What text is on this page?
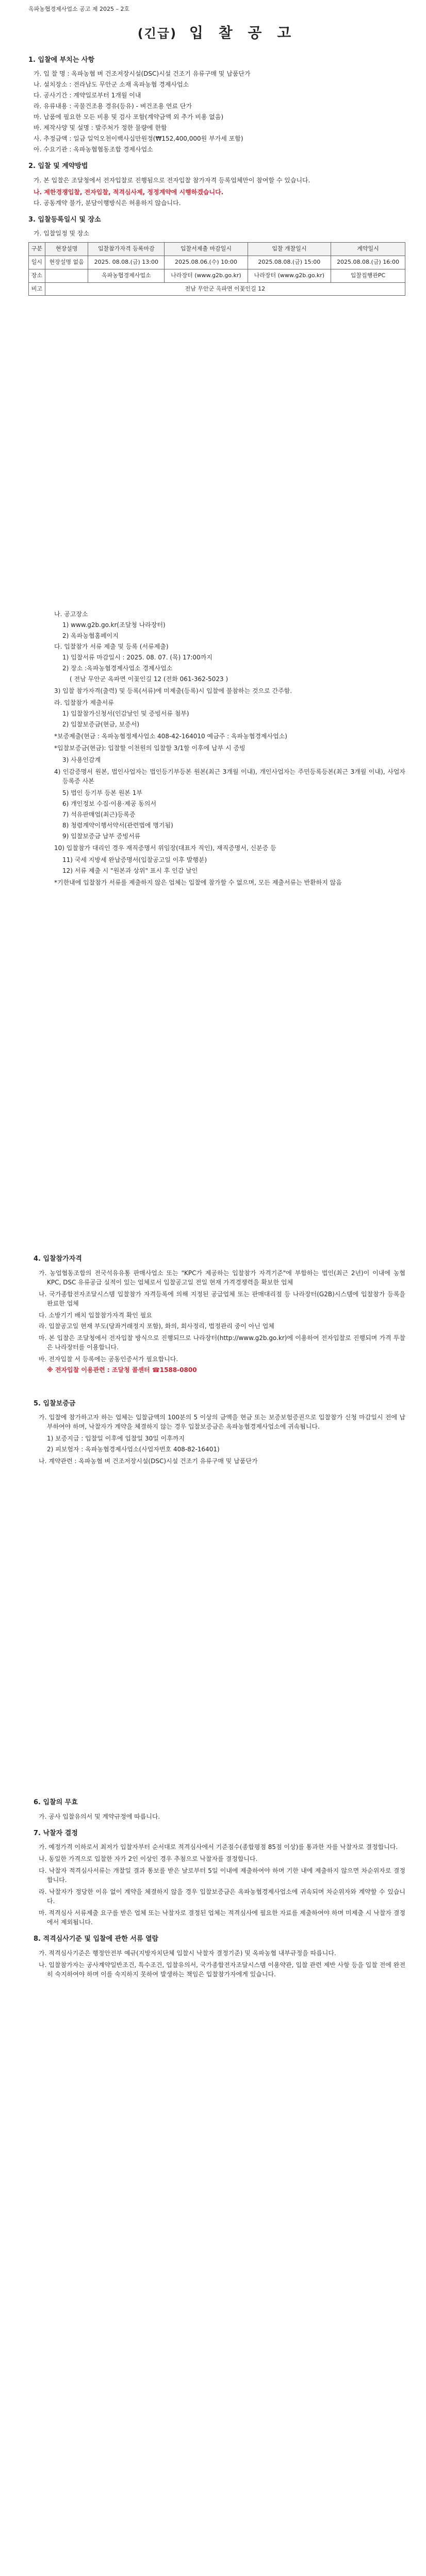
옥파농협경제사업소 공고 제 2025 – 2호
(긴급) 입 찰 공 고
1. 입찰에 부치는 사항
가. 입 찰 명 : 옥파농협 벼 건조저장시설(DSC)시설 건조기 유류구매 및 납품단가
나. 설치장소 : 전라남도 무안군 소재 옥파농협 경제사업소
다. 공사기간 : 계약일로부터 1개월 이내
라. 유류내용 : 곡물건조용 경유(등유) - 벼건조용 연료 단가
마. 납품에 필요한 모든 비용 및 검사 포함(계약금액 외 추가 비용 없음)
바. 제작사양 및 설명 : 발주처가 정한 물량에 한함
사. 추정금액 : 일금 일억오천이백사십만원정(₩152,400,000원 부가세 포함)
아. 수요기관 : 옥파농협협동조합 경제사업소
2. 입찰 및 계약방법
가. 본 입찰은 조달청에서 전자입찰로 진행됨으로 전자입찰 참가자격 등록업체만이 참여할 수 있습니다.
나. 제한경쟁입찰, 전자입찰, 적격심사제, 정정계약에 시행하겠습니다.
다. 공동계약 불가, 분담이행방식은 허용하지 않습니다.
3. 입찰등록일시 및 장소
가. 입찰일정 및 장소
구분	현장설명	입찰참가자격 등록마감	입찰서제출 마감일시	입찰 개찰일시	계약일시
일시	현장설명 없음	2025. 08.08.(금) 13:00	2025.08.06.(수) 10:00	2025.08.08.(금) 15:00	2025.08.08.(금) 16:00
장소		옥파농협경제사업소	나라장터 (www.g2b.go.kr)	나라장터 (www.g2b.go.kr)	입찰집행관PC
비고	전남 무안군 옥파면 이꽃인길 12				
나. 공고장소
1) www.g2b.go.kr(조달청 나라장터)
2) 옥파농협홈페이지
다. 입찰참가 서류 제출 및 등록 (서류제출)
1) 입찰서류 마감일시 : 2025. 08. 07. (목) 17:00까지
2) 장소 :옥파농협경제사업소 경제사업소
( 전남 무안군 옥파면 이꽃인길 12 (전화 061-362-5023 )
3) 입찰 참가자격(출력) 및 등록(서류)에 미제출(등록)시 입찰에 불참하는 것으로 간주함.
라. 입찰참가 제출서류
1) 입찰참가신청서(인감날인 및 증빙서류 첨부)
2) 입찰보증금(현금, 보증서)
*보증제출(현금 : 옥파농협정제사업소 408-42-164010 예금주 : 옥파농협경제사업소)
*입찰보증금(현금): 입찰할 이천원의 입찰할 3/1할 이후에 납부 시 증빙
3) 사용인감계
4) 인감증명서 원본, 법인사업자는 법인등기부등본 원본(최근 3개월 이내), 개인사업자는 주민등록등본(최근 3개월 이내), 사업자등록증 사본
5) 법인 등기부 등본 원본 1부
6) 개인정보 수집·이용·제공 동의서
7) 석유판매업(최근)등록증
8) 청렴계약이행서약서(관련법에 명기됨)
9) 입찰보증금 납부 증빙서류
10) 입찰참가 대리인 경우 재직증명서 위임장(대표자 직인), 재직증명서, 신분증 등
11) 국세 지방세 완납증명서(입찰공고일 이후 발행분)
12) 서류 제출 시 "원본과 상위" 표시 후 인감 날인
*기한내에 입찰참가 서류를 제출하지 않은 업체는 입찰에 참가할 수 없으며, 모든 제출서류는 반환하지 않음
4. 입찰참가자격
가. 농업협동조합의 전국석유유통 판매사업소 또는 "KPC가 제공하는 입찰참가 자격기준"에 부합하는 법인(최근 2년)이 이내에 농협KPC, DSC 유류공급 실적이 있는 업체로서 입찰공고일 전일 현재 가격경쟁력을 확보한 업체
나. 국가종합전자조달시스템 입찰참가 자격등록에 의해 지정된 공급업체 또는 판매대리점 등 나라장터(G2B)시스템에 입찰참가 등록을 완료한 업체
다. 소방기기 배치 입찰참가자격 확인 필요
라. 입찰공고일 현재 부도(당좌거래정지 포함), 화의, 회사정리, 법정관리 중이 아닌 업체
마. 본 입찰은 조달청에서 전자입찰 방식으로 진행되므로 나라장터(http://www.g2b.go.kr)에 이용하여 전자입찰로 진행되며 가격 투찰은 나라장터를 이용합니다.
바. 전자입찰 서 등록에는 공동인증서가 필요합니다.
※ 전자입찰 이용관련 : 조달청 콜센터 ☎1588-0800
5. 입찰보증금
가. 입찰에 참가하고자 하는 업체는 입찰금액의 100분의 5 이상의 금액을 현금 또는 보증보험증권으로 입찰참가 신청 마감일시 전에 납부하여야 하며, 낙찰자가 계약을 체결하지 않는 경우 입찰보증금은 옥파농협경제사업소에 귀속됩니다.
1) 보증지급 : 입찰일 이후에 입찰일 30일 이후까지
2) 피보험자 : 옥파농협경제사업소(사업자번호 408-82-16401)
나. 계약관련 : 옥파농협 벼 건조저장시설(DSC)시설 건조기 유류구매 및 납품단가
6. 입찰의 무효
가. 공사 입찰유의서 및 계약규정에 따릅니다.
7. 낙찰자 결정
가. 예정가격 이하로서 최저가 입찰자부터 순서대로 적격심사에서 기준점수(종합평점 85점 이상)를 통과한 자를 낙찰자로 결정합니다.
나. 동일한 가격으로 입찰한 자가 2인 이상인 경우 추첨으로 낙찰자를 결정합니다.
다. 낙찰자 적격심사서류는 개찰일 결과 통보를 받은 날로부터 5일 이내에 제출하여야 하며 기한 내에 제출하지 않으면 차순위자로 결정합니다.
라. 낙찰자가 정당한 이유 없이 계약을 체결하지 않을 경우 입찰보증금은 옥파농협경제사업소에 귀속되며 차순위자와 계약할 수 있습니다.
마. 적격심사 서류제출 요구를 받은 업체 또는 낙찰자로 결정된 업체는 적격심사에 필요한 자료를 제출하여야 하며 미제출 시 낙찰자 결정에서 제외됩니다.
8. 적격심사기준 및 입찰에 관한 서류 열람
가. 적격심사기준은 행정안전부 예규(지방자치단체 입찰시 낙찰자 결정기준) 및 옥파농협 내부규정을 따릅니다.
나. 입찰참가자는 공사계약일반조건, 특수조건, 입찰유의서, 국가종합전자조달시스템 이용약관, 입찰 관련 제반 사항 등을 입찰 전에 완전히 숙지하여야 하며 이를 숙지하지 못하여 발생하는 책임은 입찰참가자에게 있습니다.
